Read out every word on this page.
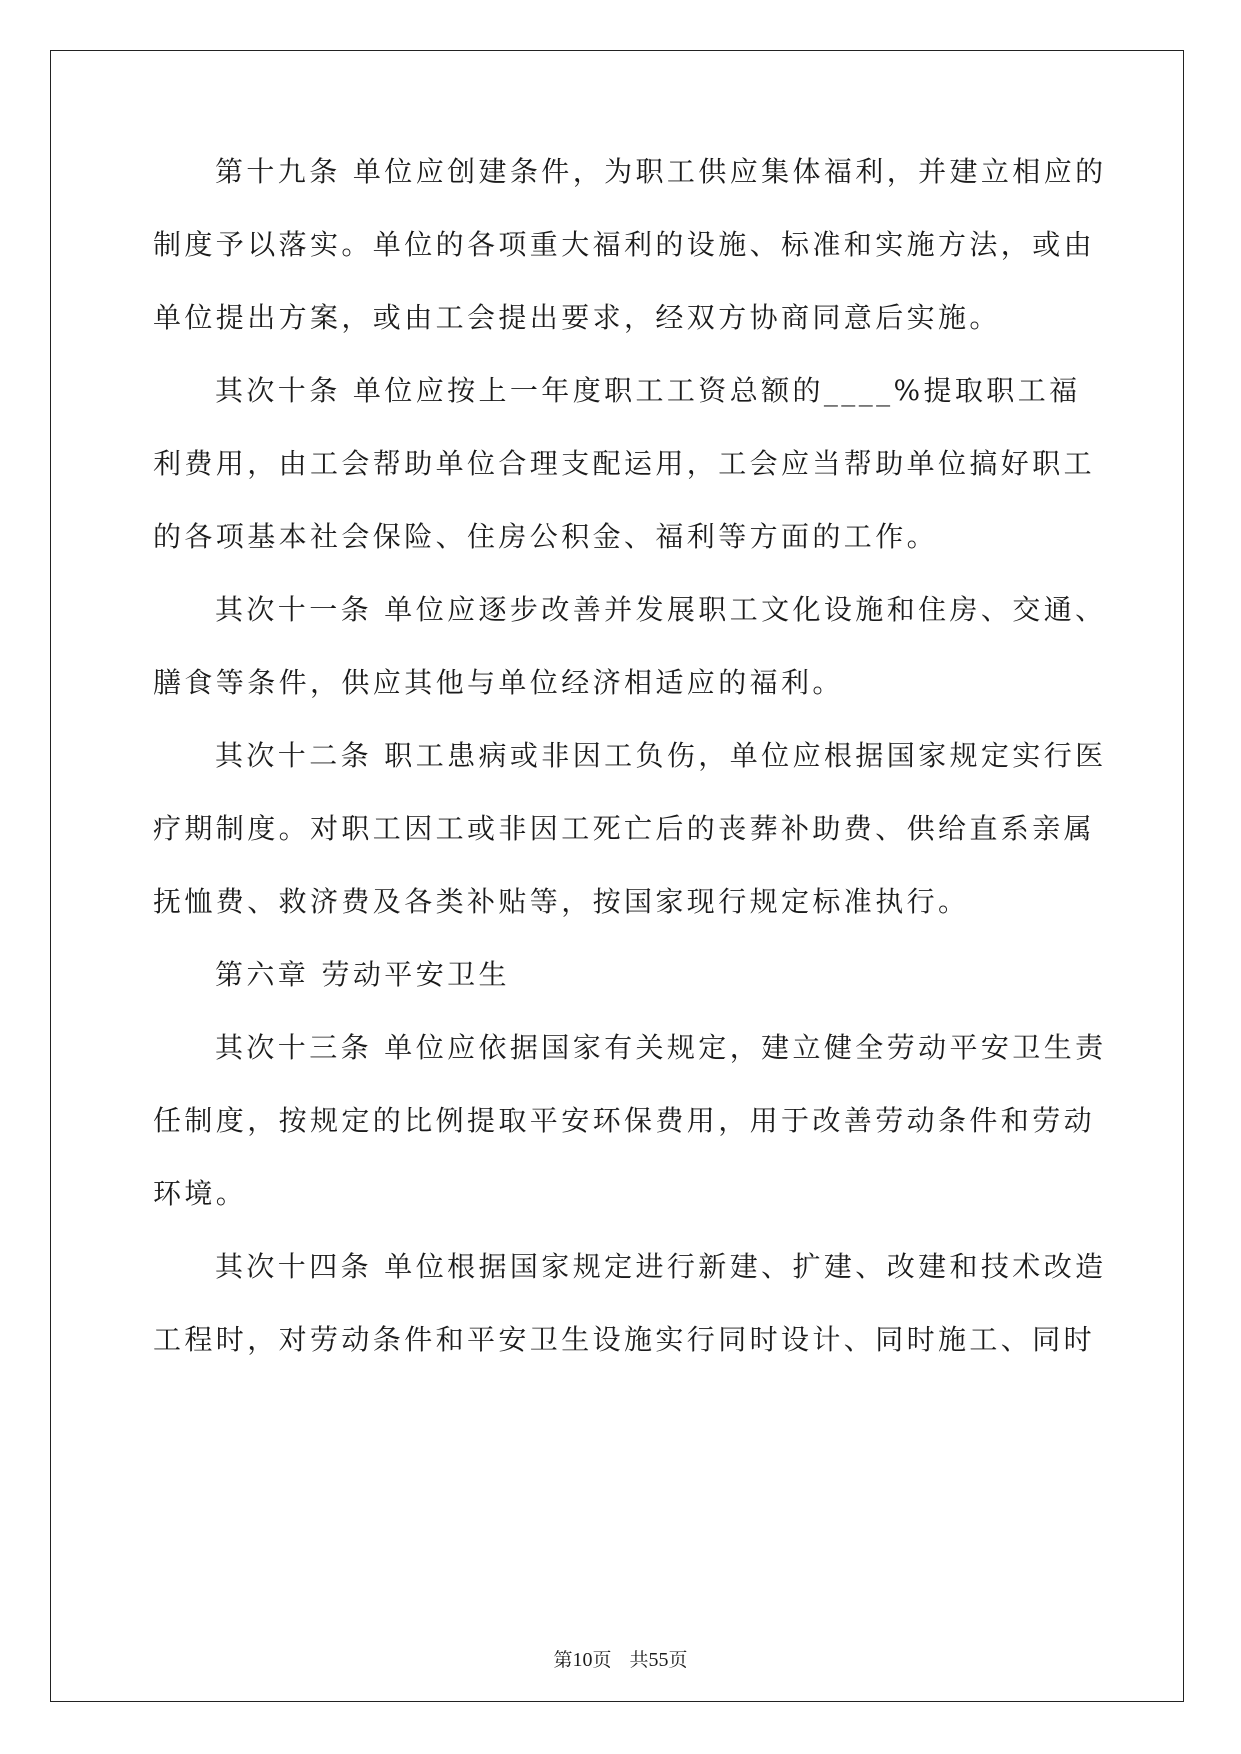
第十九条 单位应创建条件，为职工供应集体福利，并建立相应的
制度予以落实。单位的各项重大福利的设施、标准和实施方法，或由
单位提出方案，或由工会提出要求，经双方协商同意后实施。
其次十条 单位应按上一年度职工工资总额的____%提取职工福
利费用，由工会帮助单位合理支配运用，工会应当帮助单位搞好职工
的各项基本社会保险、住房公积金、福利等方面的工作。
其次十一条 单位应逐步改善并发展职工文化设施和住房、交通、
膳食等条件，供应其他与单位经济相适应的福利。
其次十二条 职工患病或非因工负伤，单位应根据国家规定实行医
疗期制度。对职工因工或非因工死亡后的丧葬补助费、供给直系亲属
抚恤费、救济费及各类补贴等，按国家现行规定标准执行。
第六章 劳动平安卫生
其次十三条 单位应依据国家有关规定，建立健全劳动平安卫生责
任制度，按规定的比例提取平安环保费用，用于改善劳动条件和劳动
环境。
其次十四条 单位根据国家规定进行新建、扩建、改建和技术改造
工程时，对劳动条件和平安卫生设施实行同时设计、同时施工、同时
第10页 共55页
